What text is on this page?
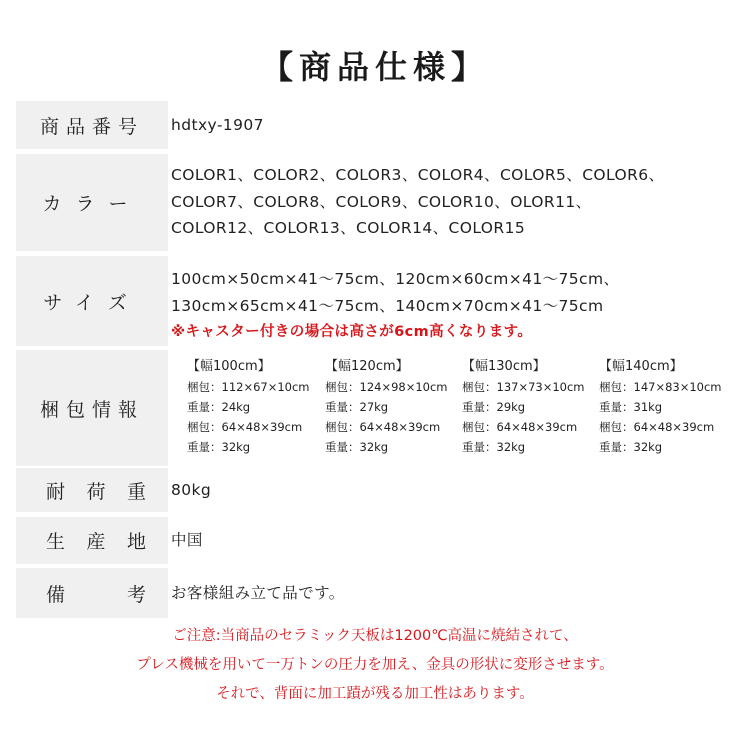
【商品仕様】
商品番号	hdtxy-1907
カラー
COLOR1、COLOR2、COLOR3、COLOR4、COLOR5、COLOR6、
COLOR7、COLOR8、COLOR9、COLOR10、OLOR11、
COLOR12、COLOR13、COLOR14、COLOR15
サイズ
100cm×50cm×41〜75cm、120cm×60cm×41〜75cm、
130cm×65cm×41〜75cm、140cm×70cm×41〜75cm
※キャスター付きの場合は高さが6cm高くなります。
梱包情報
【幅100cm】
梱包：112×67×10cm
重量：24kg
梱包：64×48×39cm
重量：32kg
【幅120cm】
梱包：124×98×10cm
重量：27kg
梱包：64×48×39cm
重量：32kg
【幅130cm】
梱包：137×73×10cm
重量：29kg
梱包：64×48×39cm
重量：32kg
【幅140cm】
梱包：147×83×10cm
重量：31kg
梱包：64×48×39cm
重量：32kg
耐 荷 重 80kg
生 産 地 中国
備	考 お客様組み立て品です。
ご注意:当商品のセラミック天板は1200℃高温に焼結されて、
プレス機械を用いて一万トンの圧力を加え、金具の形状に変形させます。
それで、背面に加工蹟が残る加工性はあります。
